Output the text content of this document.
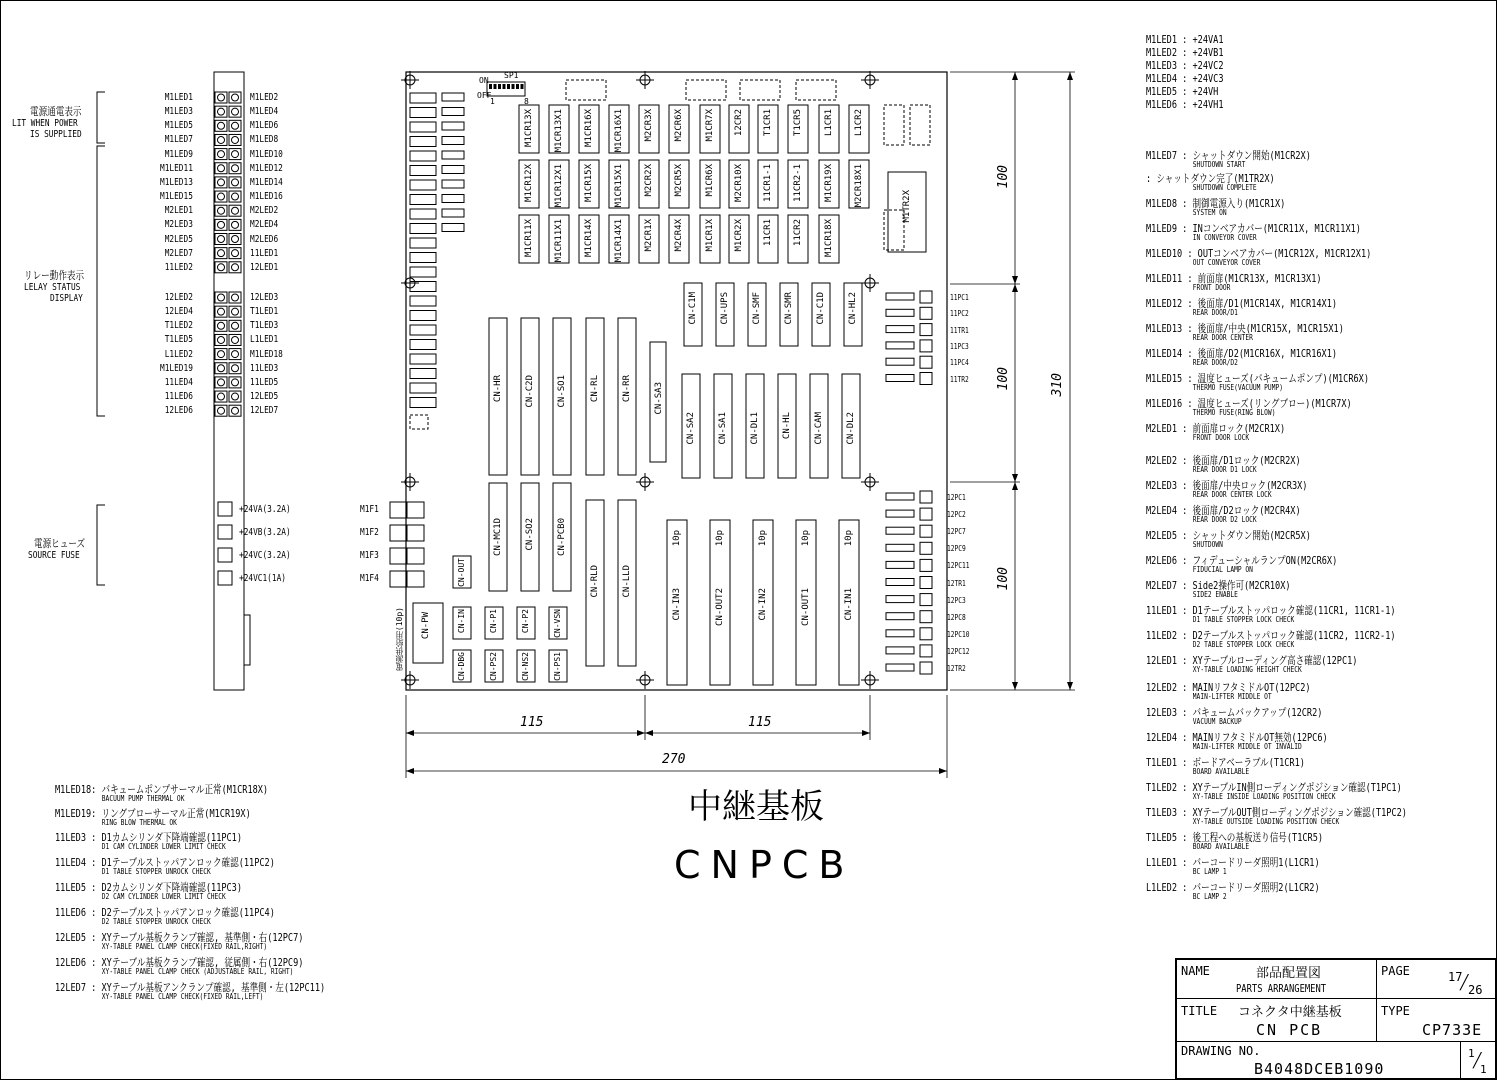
電源通電表示
LIT WHEN POWER
IS SUPPLIED
リレー動作表示
LELAY STATUS
DISPLAY
電源ヒューズ
SOURCE FUSE
M1LED1	M1LED2
M1LED3	M1LED4
M1LED5	M1LED6
M1LED7	M1LED8
M1LED9	M1LED10
M1LED11	M1LED12
M1LED13	M1LED14
M1LED15	M1LED16
M2LED1	M2LED2
M2LED3	M2LED4
M2LED5	M2LED6
M2LED7	11LED1
11LED2	12LED1
12LED2	12LED3
12LED4	T1LED1
T1LED2	T1LED3
T1LED5	L1LED1
L1LED2	M1LED18
M1LED19	11LED3
11LED4	11LED5
11LED6	12LED5
12LED6	12LED7
+24VA(3.2A)	M1F1
+24VB(3.2A)	M1F2
+24VC(3.2A)	M1F3
+24VC1(1A)	M1F4
ON
OFF
SP1
1	8
M1CR13X M1CR13X1 M1CR16X M1CR16X1 M2CR3X M2CR6X M1CR7X 12CR2 T1CR1 T1CR5 L1CR1 L1CR2
M1CR12X M1CR12X1 M1CR15X M1CR15X1 M2CR2X M2CR5X M1CR6X M2CR10X 11CR1-1 11CR2-1 M1CR19X M2CR18X1
M1CR11X M1CR11X1 M1CR14X M1CR14X1 M2CR1X M2CR4X M1CR1X M1CR2X 11CR1 11CR2 M1CR18X
M1TR2X
CN-C1M CN-UPS CN-SMF CN-SMR CN-C1D CN-HL2
CN-HR CN-C2D CN-SO1	CN-RL CN-RR CN-SA3
CN-SA2 CN-SA1 CN-DL1 CN-HL CN-CAM CN-DL2
CN-MC1D CN-SO2 CN-PCB0
CN-RLD CN-LLD
CN-IN3
10p
CN-OUT2
10p
CN-IN2
10p
CN-OUT1
10p
CN-IN1
10p
CN-OUT
CN-IN	CN-P1	CN-P2	CN-VSN
CN-PS2	CN-NS2	CN-PS1
CN-DBG
CN-PW
電源供給用(10p)
11PC1
11PC2
11TR1
11PC3
11PC4
11TR2
12PC1
12PC2
12PC7
12PC9
12PC11
12TR1
12PC3
12PC8
12PC10
12PC12
12TR2
115	115
270
100
100
100
310
中継基板
CNPCB
M1LED1 : +24VA1
M1LED2 : +24VB1
M1LED3 : +24VC2
M1LED4 : +24VC3
M1LED5 : +24VH
M1LED6 : +24VH1
M1LED7 : シャットダウン開始(M1CR2X)
SHUTDOWN START
: シャットダウン完了(M1TR2X)
SHUTDOWN COMPLETE
M1LED8 : 制御電源入り(M1CR1X)
SYSTEM ON
M1LED9 : INコンベアカバー(M1CR11X, M1CR11X1)
IN CONVEYOR COVER
M1LED10 : OUTコンベアカバー(M1CR12X, M1CR12X1)
OUT CONVEYOR COVER
M1LED11 : 前面扉(M1CR13X, M1CR13X1)
FRONT DOOR
M1LED12 : 後面扉/D1(M1CR14X, M1CR14X1)
REAR DOOR/D1
M1LED13 : 後面扉/中央(M1CR15X, M1CR15X1)
REAR DOOR CENTER
M1LED14 : 後面扉/D2(M1CR16X, M1CR16X1)
REAR DOOR/D2
M1LED15 : 温度ヒューズ(バキュームポンプ)(M1CR6X)
THERMO FUSE(VACUUM PUMP)
M1LED16 : 温度ヒューズ(リングブロー)(M1CR7X)
THERMO FUSE(RING BLOW)
M2LED1 : 前面扉ロック(M2CR1X)
FRONT DOOR LOCK
M2LED2 : 後面扉/D1ロック(M2CR2X)
REAR DOOR D1 LOCK
M2LED3 : 後面扉/中央ロック(M2CR3X)
REAR DOOR CENTER LOCK
M2LED4 : 後面扉/D2ロック(M2CR4X)
REAR DOOR D2 LOCK
M2LED5 : シャットダウン開始(M2CR5X)
SHUTDOWN
M2LED6 : フィデューシャルランプON(M2CR6X)
FIDUCIAL LAMP ON
M2LED7 : Side2操作可(M2CR10X)
SIDE2 ENABLE
11LED1 : D1テーブルストッパロック確認(11CR1, 11CR1-1)
D1 TABLE STOPPER LOCK CHECK
11LED2 : D2テーブルストッパロック確認(11CR2, 11CR2-1)
D2 TABLE STOPPER LOCK CHECK
12LED1 : XYテーブルローディング高さ確認(12PC1)
XY-TABLE LOADING HEIGHT CHECK
12LED2 : MAINリフタミドルOT(12PC2)
MAIN-LIFTER MIDDLE OT
12LED3 : バキュームバックアップ(12CR2)
VACUUM BACKUP
12LED4 : MAINリフタミドルOT無効(12PC6)
MAIN-LIFTER MIDDLE OT INVALID
T1LED1 : ボードアベーラブル(T1CR1)
BOARD AVAILABLE
T1LED2 : XYテーブルIN側ローディングポジション確認(T1PC1)
XY-TABLE INSIDE LOADING POSITION CHECK
T1LED3 : XYテーブルOUT側ローディングポジション確認(T1PC2)
XY-TABLE OUTSIDE LOADING POSITION CHECK
T1LED5 : 後工程への基板送り信号(T1CR5)
BOARD AVAILABLE
L1LED1 : バーコードリーダ照明1(L1CR1)
BC LAMP 1
L1LED2 : バーコードリーダ照明2(L1CR2)
BC LAMP 2
M1LED18: バキュームポンプサーマル正常(M1CR18X)
BACUUM PUMP THERMAL OK
M1LED19: リングブローサーマル正常(M1CR19X)
RING BLOW THERMAL OK
11LED3 : D1カムシリンダ下降端確認(11PC1)
D1 CAM CYLINDER LOWER LIMIT CHECK
11LED4 : D1テーブルストッパアンロック確認(11PC2)
D1 TABLE STOPPER UNROCK CHECK
11LED5 : D2カムシリンダ下降端確認(11PC3)
D2 CAM CYLINDER LOWER LIMIT CHECK
11LED6 : D2テーブルストッパアンロック確認(11PC4)
D2 TABLE STOPPER UNROCK CHECK
12LED5 : XYテーブル基板クランプ確認, 基準側・右(12PC7)
XY-TABLE PANEL CLAMP CHECK(FIXED RAIL,RIGHT)
12LED6 : XYテーブル基板クランプ確認, 従属側・右(12PC9)
XY-TABLE PANEL CLAMP CHECK (ADJUSTABLE RAIL, RIGHT)
12LED7 : XYテーブル基板アンクランプ確認, 基準側・左(12PC11)
XY-TABLE PANEL CLAMP CHECK(FIXED RAIL,LEFT)
NAME	部品配置図
PARTS ARRANGEMENT
PAGE	17
╱ 26
TITLE コネクタ中継基板
CN PCB
TYPE
CP733E
DRAWING NO.
B4048DCEB1090
1
╱
1
